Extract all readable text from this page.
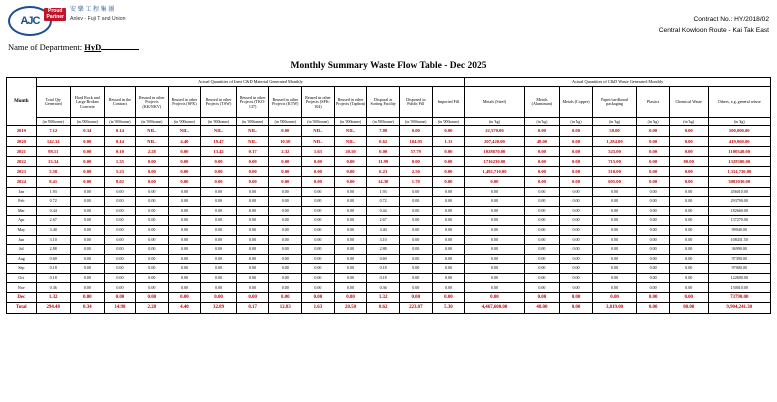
AJC
Proud
Partner
安 樂 工 程 集 團
Anlev - Fuji T and Union	Contract No.: HY/2018/02
Central Kowloon Route - Kai Tak East
Name of Department: HyD
Monthly Summary Waste Flow Table - Dec 2025
Month	Actual Quantities of Inert C&D Material Generated Monthly													Actual Quantities of C&D Waste Generated Monthly						
	Total Qty Generated	Hard Rock and Large Broken Concrete	Reused in the Contract	Reused in other Projects (KK/NKV)	Reused in other Projects (SFK)	Reused in other Projects (TSW)	Reused in other Projects (TKO-137)	Reused in other Projects (KTW)	Reused in other Projects (SFK-104)	Reused in other Projects (Tapbon)	Disposal at Sorting Facility	Disposed in Public Fill	Imported Fill	Metals (Steel)	Metals (Aluminum)	Metals (Copper)	Paper/cardboard packaging	Plastics	Chemical Waste	Others, e.g. general refuse
	(in '000tonne)	(in '000tonne)	(in '000tonne)	(in '000tonne)	(in '000tonne)	(in '000tonne)	(in '000tonne)	(in '000tonne)	(in '000tonne)	(in '000tonne)	(in '000tonne)	(in '000tonne)	(in '000tonne)	(in 'kg)	(in 'kg)	(in 'kg)	(in 'kg)	(in 'kg)	(in 'kg)	(in 'kg)
2019	7.12	0.34	0.14	NIL.	NIL.	NIL.	NIL.	0.00	NIL.	NIL.	7.88	0.00	0.00	22,570.00	0.00	0.00	58.00	0.00	0.00	500,000.00
2020	142.34	0.00	0.14	NIL.	4.40	19.47	NIL.	10.50	NIL.	NIL.	0.62	104.95	1.11	207,420.00	48.00	0.00	1,284.00	0.00	0.00	419,060.00
2021	98.11	0.00	0.10	2.28	0.00	13.42	0.17	2.32	1.63	20.50	0.00	57.79	0.00	1028670.00	0.00	0.00	525.00	0.00	0.00	1100340.00
2022	13.34	0.00	1.35	0.00	0.00	0.00	0.00	0.00	0.00	0.00	11.99	0.00	0.00	1716230.00	0.00	0.00	715.00	0.00	80.00	1328300.00
2023	5.58	0.00	5.23	0.00	0.00	0.00	0.00	0.00	0.00	0.00	6.23	2.50	0.00	1,492,710.00	0.00	0.00	510.00	0.00	0.00	1,334,730.00
2024	8.41	0.00	8.02	0.00	0.00	0.00	0.00	0.00	0.00	0.00	14.30	1.70	0.00	0.00	0.00	0.00	695.00	0.00	0.00	3082030.00
Jan	1.93	0.00	0.00	0.00	0.00	0.00	0.00	0.00	0.00	0.00	1.93	0.00	0.00	0.00	0.00	0.00	0.00	0.00	0.00	456010.00
Feb	0.72	0.00	0.00	0.00	0.00	0.00	0.00	0.00	0.00	0.00	0.72	0.00	0.00	0.00	0.00	0.00	0.00	0.00	0.00	293790.00
Mar	0.44	0.00	0.00	0.00	0.00	0.00	0.00	0.00	0.00	0.00	0.44	0.00	0.00	0.00	0.00	0.00	0.00	0.00	0.00	182660.00
Apr	2.67	0.00	0.00	0.00	0.00	0.00	0.00	0.00	0.00	0.00	2.67	0.00	0.00	0.00	0.00	0.00	0.00	0.00	0.00	137270.00
May	3.40	0.00	0.00	0.00	0.00	0.00	0.00	0.00	0.00	0.00	3.40	0.00	0.00	0.00	0.00	0.00	0.00	0.00	0.00	99940.00
Jun	3.10	0.00	0.00	0.00	0.00	0.00	0.00	0.00	0.00	0.00	3.10	0.00	0.00	0.00	0.00	0.00	0.00	0.00	0.00	108431.50
Jul	2.88	0.00	0.00	0.00	0.00	0.00	0.00	0.00	0.00	0.00	2.88	0.00	0.00	0.00	0.00	0.00	0.00	0.00	0.00	36990.00
Aug	0.69	0.00	0.00	0.00	0.00	0.00	0.00	0.00	0.00	0.00	0.69	0.00	0.00	0.00	0.00	0.00	0.00	0.00	0.00	97390.00
Sep	0.18	0.00	0.00	0.00	0.00	0.00	0.00	0.00	0.00	0.00	0.18	0.00	0.00	0.00	0.00	0.00	0.00	0.00	0.00	97000.00
Oct	0.18	0.00	0.00	0.00	0.00	0.00	0.00	0.00	0.00	0.00	0.18	0.00	0.00	0.00	0.00	0.00	0.00	0.00	0.00	122690.00
Nov	0.36	0.00	0.00	0.00	0.00	0.00	0.00	0.00	0.00	0.00	0.36	0.00	0.00	0.00	0.00	0.00	0.00	0.00	0.00	150010.00
Dec	1.32	0.00	0.00	0.00	0.00	0.00	0.00	0.00	0.00	0.00	1.32	0.00	0.00	0.00	0.00	0.00	0.00	0.00	0.00	73790.00
Total	294.48	0.34	14.98	2.28	4.40	32.89	0.17	12.83	1.63	20.50	0.62	223.07	5.30	4,467,600.00	48.00	0.00	3,819.00	0.00	80.00	9,904,241.30
